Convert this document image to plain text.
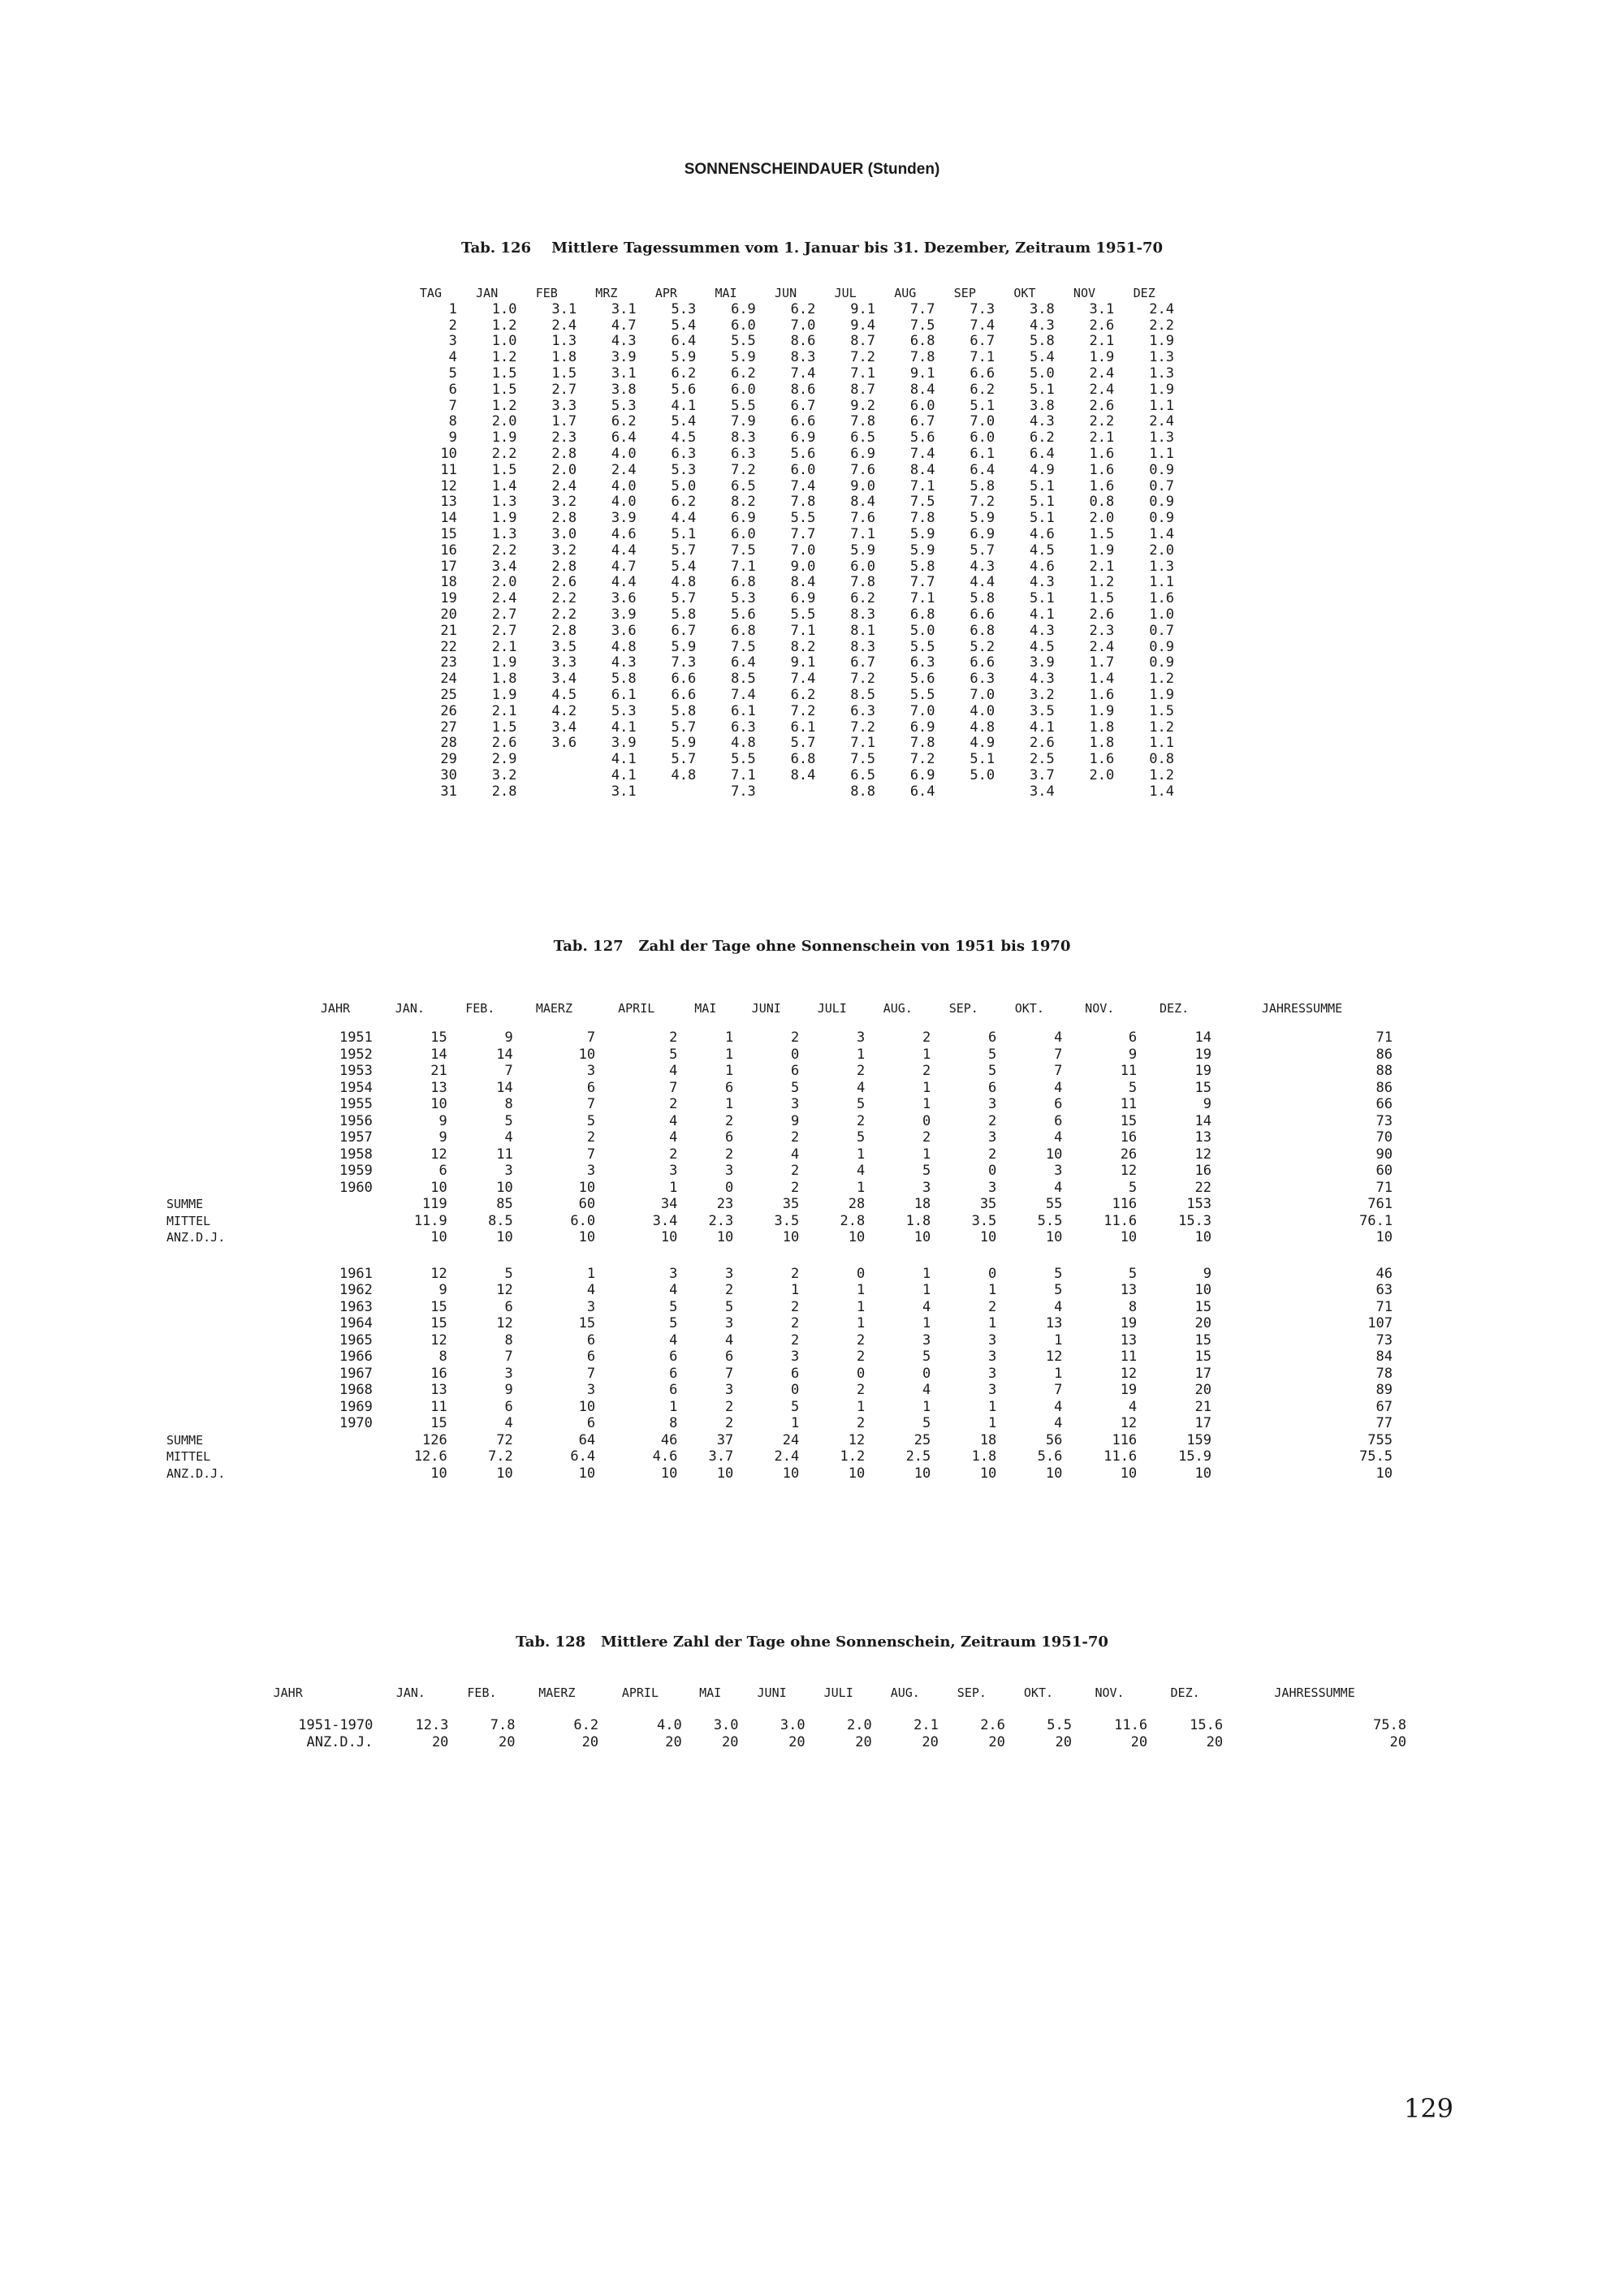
SONNENSCHEINDAUER (Stunden)
Tab. 126    Mittlere Tagessummen vom 1. Januar bis 31. Dezember, Zeitraum 1951-70
TAG	JAN	FEB	MRZ	APR	MAI	JUN	JUL	AUG	SEP	OKT	NOV	DEZ
1	1.0	3.1	3.1	5.3	6.9	6.2	9.1	7.7	7.3	3.8	3.1	2.4
2	1.2	2.4	4.7	5.4	6.0	7.0	9.4	7.5	7.4	4.3	2.6	2.2
3	1.0	1.3	4.3	6.4	5.5	8.6	8.7	6.8	6.7	5.8	2.1	1.9
4	1.2	1.8	3.9	5.9	5.9	8.3	7.2	7.8	7.1	5.4	1.9	1.3
5	1.5	1.5	3.1	6.2	6.2	7.4	7.1	9.1	6.6	5.0	2.4	1.3
6	1.5	2.7	3.8	5.6	6.0	8.6	8.7	8.4	6.2	5.1	2.4	1.9
7	1.2	3.3	5.3	4.1	5.5	6.7	9.2	6.0	5.1	3.8	2.6	1.1
8	2.0	1.7	6.2	5.4	7.9	6.6	7.8	6.7	7.0	4.3	2.2	2.4
9	1.9	2.3	6.4	4.5	8.3	6.9	6.5	5.6	6.0	6.2	2.1	1.3
10	2.2	2.8	4.0	6.3	6.3	5.6	6.9	7.4	6.1	6.4	1.6	1.1
11	1.5	2.0	2.4	5.3	7.2	6.0	7.6	8.4	6.4	4.9	1.6	0.9
12	1.4	2.4	4.0	5.0	6.5	7.4	9.0	7.1	5.8	5.1	1.6	0.7
13	1.3	3.2	4.0	6.2	8.2	7.8	8.4	7.5	7.2	5.1	0.8	0.9
14	1.9	2.8	3.9	4.4	6.9	5.5	7.6	7.8	5.9	5.1	2.0	0.9
15	1.3	3.0	4.6	5.1	6.0	7.7	7.1	5.9	6.9	4.6	1.5	1.4
16	2.2	3.2	4.4	5.7	7.5	7.0	5.9	5.9	5.7	4.5	1.9	2.0
17	3.4	2.8	4.7	5.4	7.1	9.0	6.0	5.8	4.3	4.6	2.1	1.3
18	2.0	2.6	4.4	4.8	6.8	8.4	7.8	7.7	4.4	4.3	1.2	1.1
19	2.4	2.2	3.6	5.7	5.3	6.9	6.2	7.1	5.8	5.1	1.5	1.6
20	2.7	2.2	3.9	5.8	5.6	5.5	8.3	6.8	6.6	4.1	2.6	1.0
21	2.7	2.8	3.6	6.7	6.8	7.1	8.1	5.0	6.8	4.3	2.3	0.7
22	2.1	3.5	4.8	5.9	7.5	8.2	8.3	5.5	5.2	4.5	2.4	0.9
23	1.9	3.3	4.3	7.3	6.4	9.1	6.7	6.3	6.6	3.9	1.7	0.9
24	1.8	3.4	5.8	6.6	8.5	7.4	7.2	5.6	6.3	4.3	1.4	1.2
25	1.9	4.5	6.1	6.6	7.4	6.2	8.5	5.5	7.0	3.2	1.6	1.9
26	2.1	4.2	5.3	5.8	6.1	7.2	6.3	7.0	4.0	3.5	1.9	1.5
27	1.5	3.4	4.1	5.7	6.3	6.1	7.2	6.9	4.8	4.1	1.8	1.2
28	2.6	3.6	3.9	5.9	4.8	5.7	7.1	7.8	4.9	2.6	1.8	1.1
29	2.9		4.1	5.7	5.5	6.8	7.5	7.2	5.1	2.5	1.6	0.8
30	3.2		4.1	4.8	7.1	8.4	6.5	6.9	5.0	3.7	2.0	1.2
31	2.8		3.1		7.3		8.8	6.4		3.4		1.4
Tab. 127   Zahl der Tage ohne Sonnenschein von 1951 bis 1970
	JAHR	JAN.	FEB.	MAERZ	APRIL	MAI	JUNI	JULI	AUG.	SEP.	OKT.	NOV.	DEZ.	JAHRESSUMME
	1951	15	9	7	2	1	2	3	2	6	4	6	14	71
	1952	14	14	10	5	1	0	1	1	5	7	9	19	86
	1953	21	7	3	4	1	6	2	2	5	7	11	19	88
	1954	13	14	6	7	6	5	4	1	6	4	5	15	86
	1955	10	8	7	2	1	3	5	1	3	6	11	9	66
	1956	9	5	5	4	2	9	2	0	2	6	15	14	73
	1957	9	4	2	4	6	2	5	2	3	4	16	13	70
	1958	12	11	7	2	2	4	1	1	2	10	26	12	90
	1959	6	3	3	3	3	2	4	5	0	3	12	16	60
	1960	10	10	10	1	0	2	1	3	3	4	5	22	71
SUMME		119	85	60	34	23	35	28	18	35	55	116	153	761
MITTEL		11.9	8.5	6.0	3.4	2.3	3.5	2.8	1.8	3.5	5.5	11.6	15.3	76.1
ANZ.D.J.		10	10	10	10	10	10	10	10	10	10	10	10	10

	1961	12	5	1	3	3	2	0	1	0	5	5	9	46
	1962	9	12	4	4	2	1	1	1	1	5	13	10	63
	1963	15	6	3	5	5	2	1	4	2	4	8	15	71
	1964	15	12	15	5	3	2	1	1	1	13	19	20	107
	1965	12	8	6	4	4	2	2	3	3	1	13	15	73
	1966	8	7	6	6	6	3	2	5	3	12	11	15	84
	1967	16	3	7	6	7	6	0	0	3	1	12	17	78
	1968	13	9	3	6	3	0	2	4	3	7	19	20	89
	1969	11	6	10	1	2	5	1	1	1	4	4	21	67
	1970	15	4	6	8	2	1	2	5	1	4	12	17	77
SUMME		126	72	64	46	37	24	12	25	18	56	116	159	755
MITTEL		12.6	7.2	6.4	4.6	3.7	2.4	1.2	2.5	1.8	5.6	11.6	15.9	75.5
ANZ.D.J.		10	10	10	10	10	10	10	10	10	10	10	10	10
Tab. 128   Mittlere Zahl der Tage ohne Sonnenschein, Zeitraum 1951-70
JAHR	JAN.	FEB.	MAERZ	APRIL	MAI	JUNI	JULI	AUG.	SEP.	OKT.	NOV.	DEZ.	JAHRESSUMME
1951-1970	12.3	7.8	6.2	4.0	3.0	3.0	2.0	2.1	2.6	5.5	11.6	15.6	75.8
ANZ.D.J.	20	20	20	20	20	20	20	20	20	20	20	20	20
129
